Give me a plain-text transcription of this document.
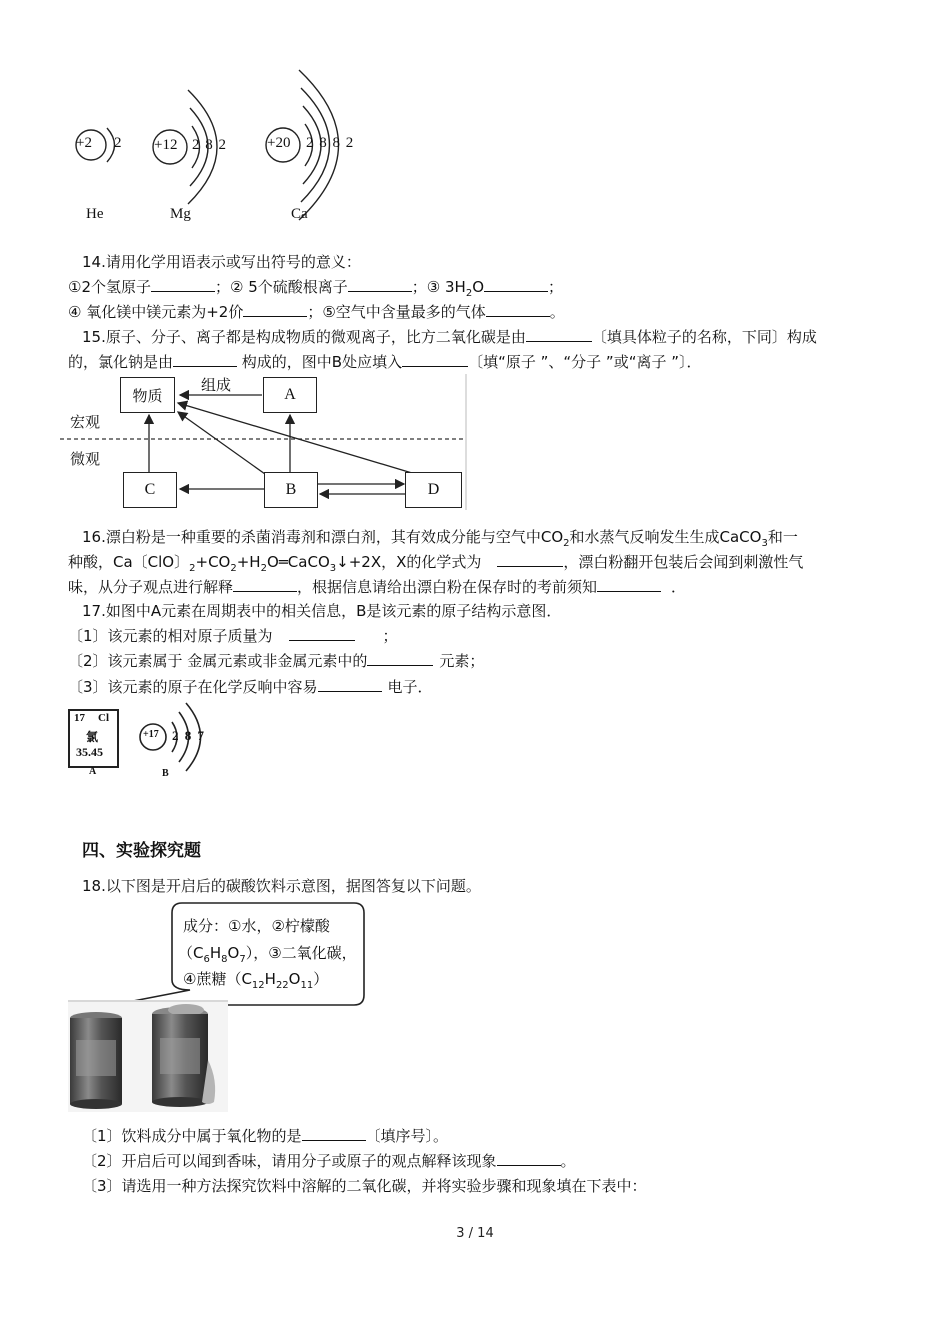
+2 2
He
+12 2 8 2
Mg
+20 2 8 8 2
Ca
14.请用化学用语表示或写出符号的意义：
①2个氢原子	；② 5个硫酸根离子	；③ $3H_2O$	；
④ 氧化镁中镁元素为+2价	；⑤空气中含量最多的气体	。
15.原子、分子、离子都是构成物质的微观离子，比方二氧化碳是由	〔填具体粒子的名称，下同〕构成
的，氯化钠是由	构成的，图中B处应填入	〔填“原子 ”、“分子 ”或“离子 ”〕．
物质	A
C	B	D
组成
宏观
微观
16.漂白粉是一种重要的杀菌消毒剂和漂白剂，其有效成分能与空气中$CO_2$和水蒸气反响发生生成CaCO$_3$和一
种酸，Ca〔ClO〕$_2+CO_2+H_2O═CaCO_3↓+2X$，X的化学式为	，漂白粉翻开包装后会闻到刺激性气
味，从分子观点进行解释	，根据信息请给出漂白粉在保存时的考前须知	．
17.如图中A元素在周期表中的相关信息，B是该元素的原子结构示意图．
〔1〕该元素的相对原子质量为	；
〔2〕该元素属于 金属元素或非金属元素中的	元素；
〔3〕该元素的原子在化学反响中容易	电子．
17 Cl
氯
35.45
A
+17 2 8 7
B
四、实验探究题
18.以下图是开启后的碳酸饮料示意图，据图答复以下问题。
成分：①水，②柠檬酸
$(C_6H_8O_7)$，③二氧化碳，
④蔗糖$(C_{12}H_{22}O_{11})$
〔1〕饮料成分中属于氧化物的是	〔填序号〕。
〔2〕开启后可以闻到香味，请用分子或原子的观点解释该现象	。
〔3〕请选用一种方法探究饮料中溶解的二氧化碳，并将实验步骤和现象填在下表中：
3 / 14
